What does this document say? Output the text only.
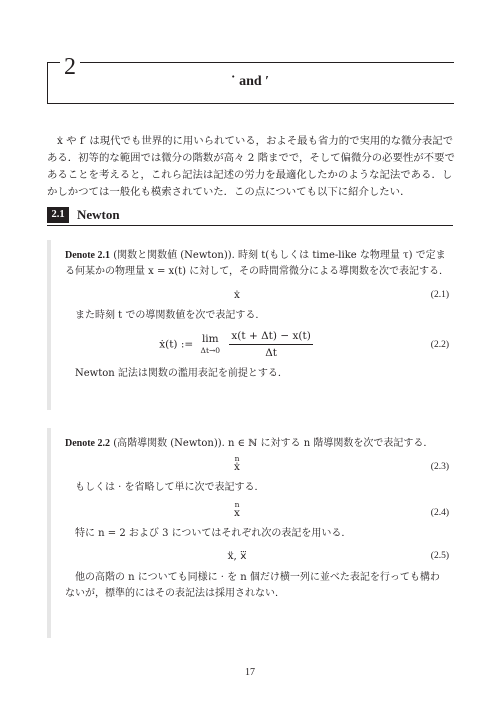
2
˙ and ′

ẋ や f′ は現代でも世界的に用いられている，およそ最も省力的で実用的な微分表記である．初等的な範囲では微分の階数が高々 2 階までで，そして偏微分の必要性が不要であることを考えると，これら記法は記述の労力を最適化したかのような記法である．しかしかつては一般化も模索されていた．この点についても以下に紹介したい．

2.1 Newton

Denote 2.1 (関数と関数値 (Newton)). 時刻 t(もしくは time-like な物理量 τ) で定まる何某かの物理量 x = x(t) に対して，その時間常微分による導関数を次で表記する．

ẋ	(2.1)

また時刻 t での導関数値を次で表記する．

ẋ(t) := lim
Δt→0
$\frac{x(t + \Delta t) - x(t)}{\Delta t}$	(2.2)

Newton 記法は関数の濫用表記を前提とする．

Denote 2.2 (高階導関数 (Newton)). n ∈ ℕ に対する n 階導関数を次で表記する．

n
ẋ	(2.3)

もしくは · を省略して単に次で表記する．

n
x	(2.4)

特に n = 2 および 3 についてはそれぞれ次の表記を用いる．

ẍ, x⃛	(2.5)

他の高階の n についても同様に · を n 個だけ横一列に並べた表記を行っても構わないが，標準的にはその表記法は採用されない．

17
